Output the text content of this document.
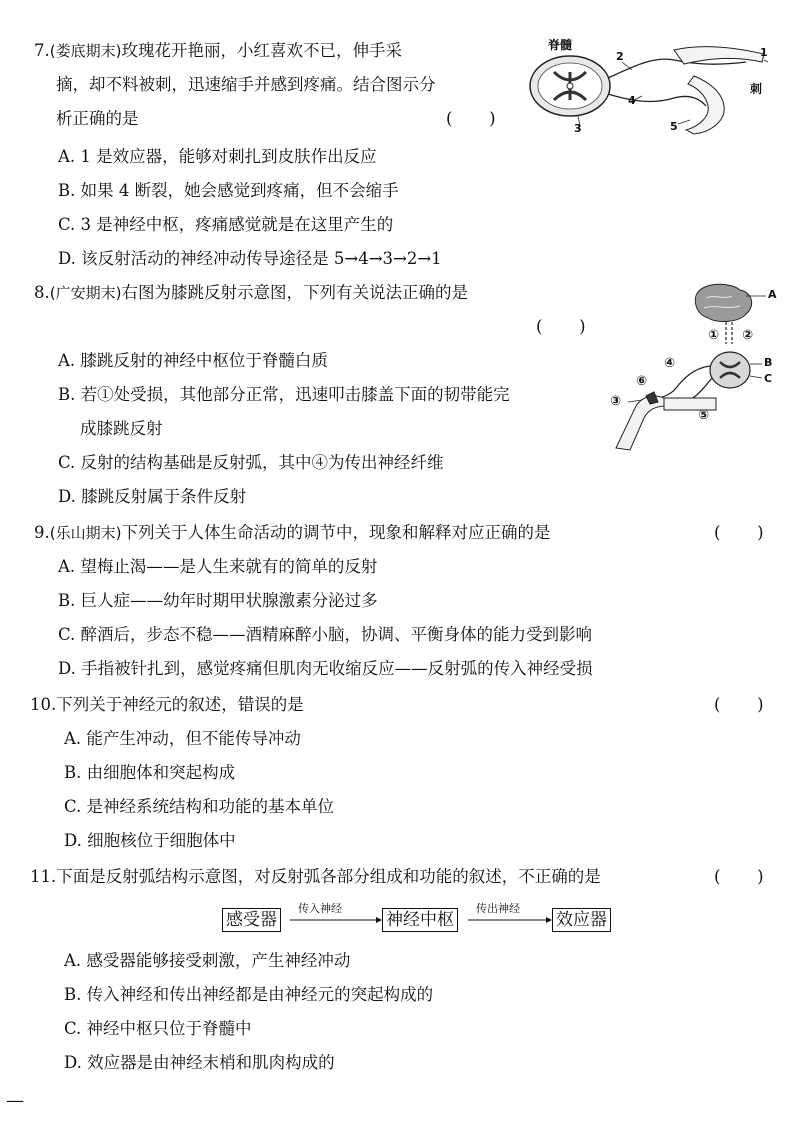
7.(娄底期末)玫瑰花开艳丽，小红喜欢不已，伸手采
摘，却不料被刺，迅速缩手并感到疼痛。结合图示分
析正确的是	(       )
A. 1 是效应器，能够对刺扎到皮肤作出反应
B. 如果 4 断裂，她会感觉到疼痛，但不会缩手
C. 3 是神经中枢，疼痛感觉就是在这里产生的
D. 该反射活动的神经冲动传导途径是 5→4→3→2→1
脊髓
1
2
3
4
5
刺
8.(广安期末)右图为膝跳反射示意图，下列有关说法正确的是
(       )
A. 膝跳反射的神经中枢位于脊髓白质
B. 若①处受损，其他部分正常，迅速叩击膝盖下面的韧带能完
成膝跳反射
C. 反射的结构基础是反射弧，其中④为传出神经纤维
D. 膝跳反射属于条件反射
A
B
C
① ②
③
④
⑤
⑥
9.(乐山期末)下列关于人体生命活动的调节中，现象和解释对应正确的是	(       )
A. 望梅止渴——是人生来就有的简单的反射
B. 巨人症——幼年时期甲状腺激素分泌过多
C. 醉酒后，步态不稳——酒精麻醉小脑，协调、平衡身体的能力受到影响
D. 手指被针扎到，感觉疼痛但肌肉无收缩反应——反射弧的传入神经受损
10.下列关于神经元的叙述，错误的是	(       )
A. 能产生冲动，但不能传导冲动
B. 由细胞体和突起构成
C. 是神经系统结构和功能的基本单位
D. 细胞核位于细胞体中
11.下面是反射弧结构示意图，对反射弧各部分组成和功能的叙述，不正确的是	(       )
感受器
传入神经
神经中枢
传出神经
效应器
A. 感受器能够接受刺激，产生神经冲动
B. 传入神经和传出神经都是由神经元的突起构成的
C. 神经中枢只位于脊髓中
D. 效应器是由神经末梢和肌肉构成的
—
